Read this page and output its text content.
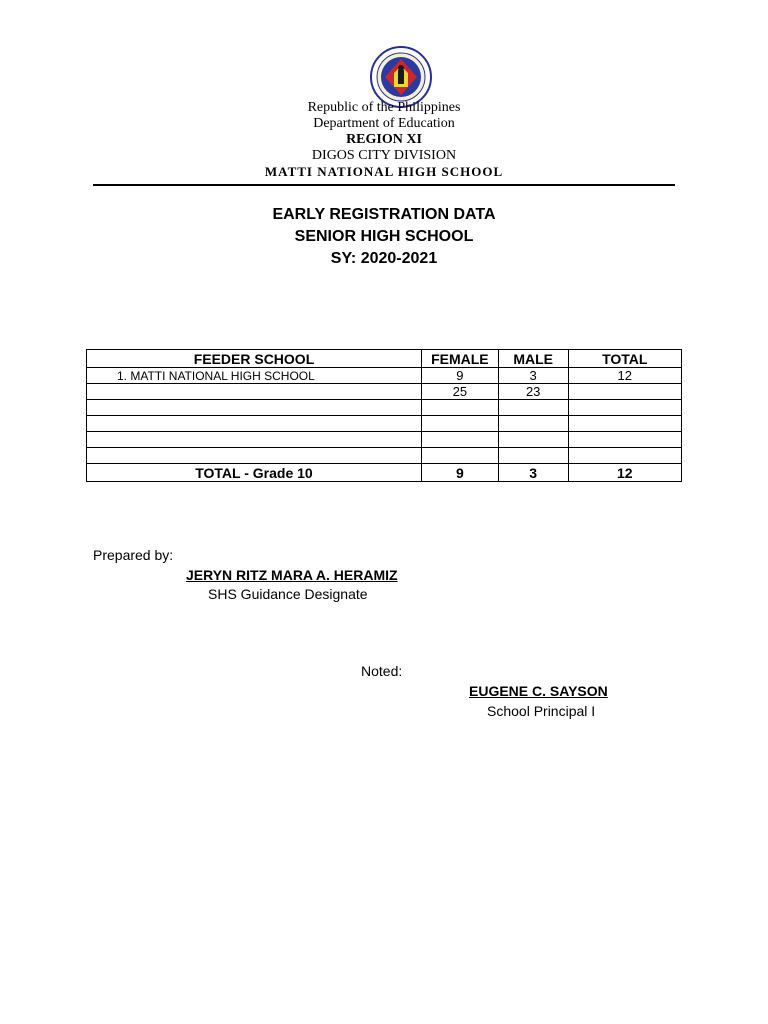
Republic of the Philippines
Department of Education
REGION XI
DIGOS CITY DIVISION
MATTI NATIONAL HIGH SCHOOL
EARLY REGISTRATION DATA
SENIOR HIGH SCHOOL
SY: 2020-2021
FEEDER SCHOOL	FEMALE	MALE	TOTAL
1. MATTI NATIONAL HIGH SCHOOL	9	3	12
	25	23	

TOTAL - Grade 10	9	3	12
Prepared by:
JERYN RITZ MARA A. HERAMIZ
SHS Guidance Designate
Noted:
EUGENE C. SAYSON
School Principal I
